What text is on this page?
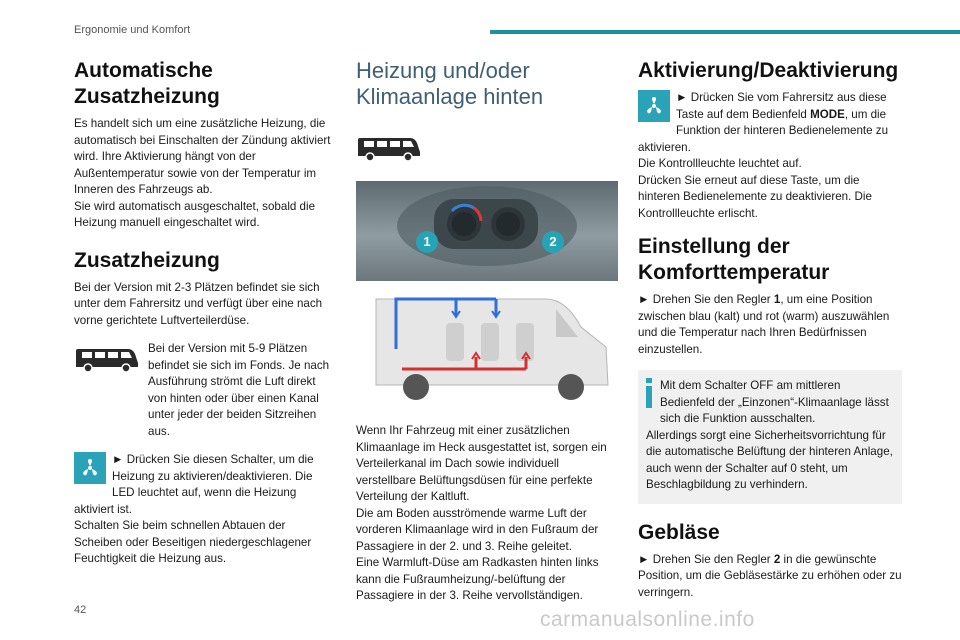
Ergonomie und Komfort
Automatische Zusatzheizung

Es handelt sich um eine zusätzliche Heizung, die automatisch bei Einschalten der Zündung aktiviert wird. Ihre Aktivierung hängt von der Außentemperatur sowie von der Temperatur im Inneren des Fahrzeugs ab.

Sie wird automatisch ausgeschaltet, sobald die Heizung manuell eingeschaltet wird.

Zusatzheizung

Bei der Version mit 2-3 Plätzen befindet sie sich unter dem Fahrersitz und verfügt über eine nach vorne gerichtete Luftverteilerdüse.

Bei der Version mit 5-9 Plätzen befindet sie sich im Fonds. Je nach Ausführung strömt die Luft direkt von hinten oder über einen Kanal unter jeder der beiden Sitzreihen aus.

► Drücken Sie diesen Schalter, um die Heizung zu aktivieren/deaktivieren. Die LED leuchtet auf, wenn die Heizung aktiviert ist.

Schalten Sie beim schnellen Abtauen der Scheiben oder Beseitigen niedergeschlagener Feuchtigkeit die Heizung aus.

Heizung und/oder
Klimaanlage hinten
1	2

Wenn Ihr Fahrzeug mit einer zusätzlichen Klimaanlage im Heck ausgestattet ist, sorgen ein Verteilerkanal im Dach sowie individuell verstellbare Belüftungsdüsen für eine perfekte Verteilung der Kaltluft.

Die am Boden ausströmende warme Luft der vorderen Klimaanlage wird in den Fußraum der Passagiere in der 2. und 3. Reihe geleitet.

Eine Warmluft-Düse am Radkasten hinten links kann die Fußraumheizung/-belüftung der Passagiere in der 3. Reihe vervollständigen.

Aktivierung/Deaktivierung

► Drücken Sie vom Fahrersitz aus diese Taste auf dem Bedienfeld MODE, um die Funktion der hinteren Bedienelemente zu aktivieren.

Die Kontrollleuchte leuchtet auf.

Drücken Sie erneut auf diese Taste, um die hinteren Bedienelemente zu deaktivieren. Die Kontrollleuchte erlischt.

Einstellung der
Komforttemperatur

► Drehen Sie den Regler 1, um eine Position zwischen blau (kalt) und rot (warm) auszuwählen und die Temperatur nach Ihren Bedürfnissen einzustellen.

Mit dem Schalter OFF am mittleren Bedienfeld der „Einzonen“-Klimaanlage lässt sich die Funktion ausschalten.

Allerdings sorgt eine Sicherheitsvorrichtung für die automatische Belüftung der hinteren Anlage, auch wenn der Schalter auf 0 steht, um Beschlagbildung zu verhindern.

Gebläse

► Drehen Sie den Regler 2 in die gewünschte Position, um die Gebläsestärke zu erhöhen oder zu verringern.

42	carmanualsonline.info
